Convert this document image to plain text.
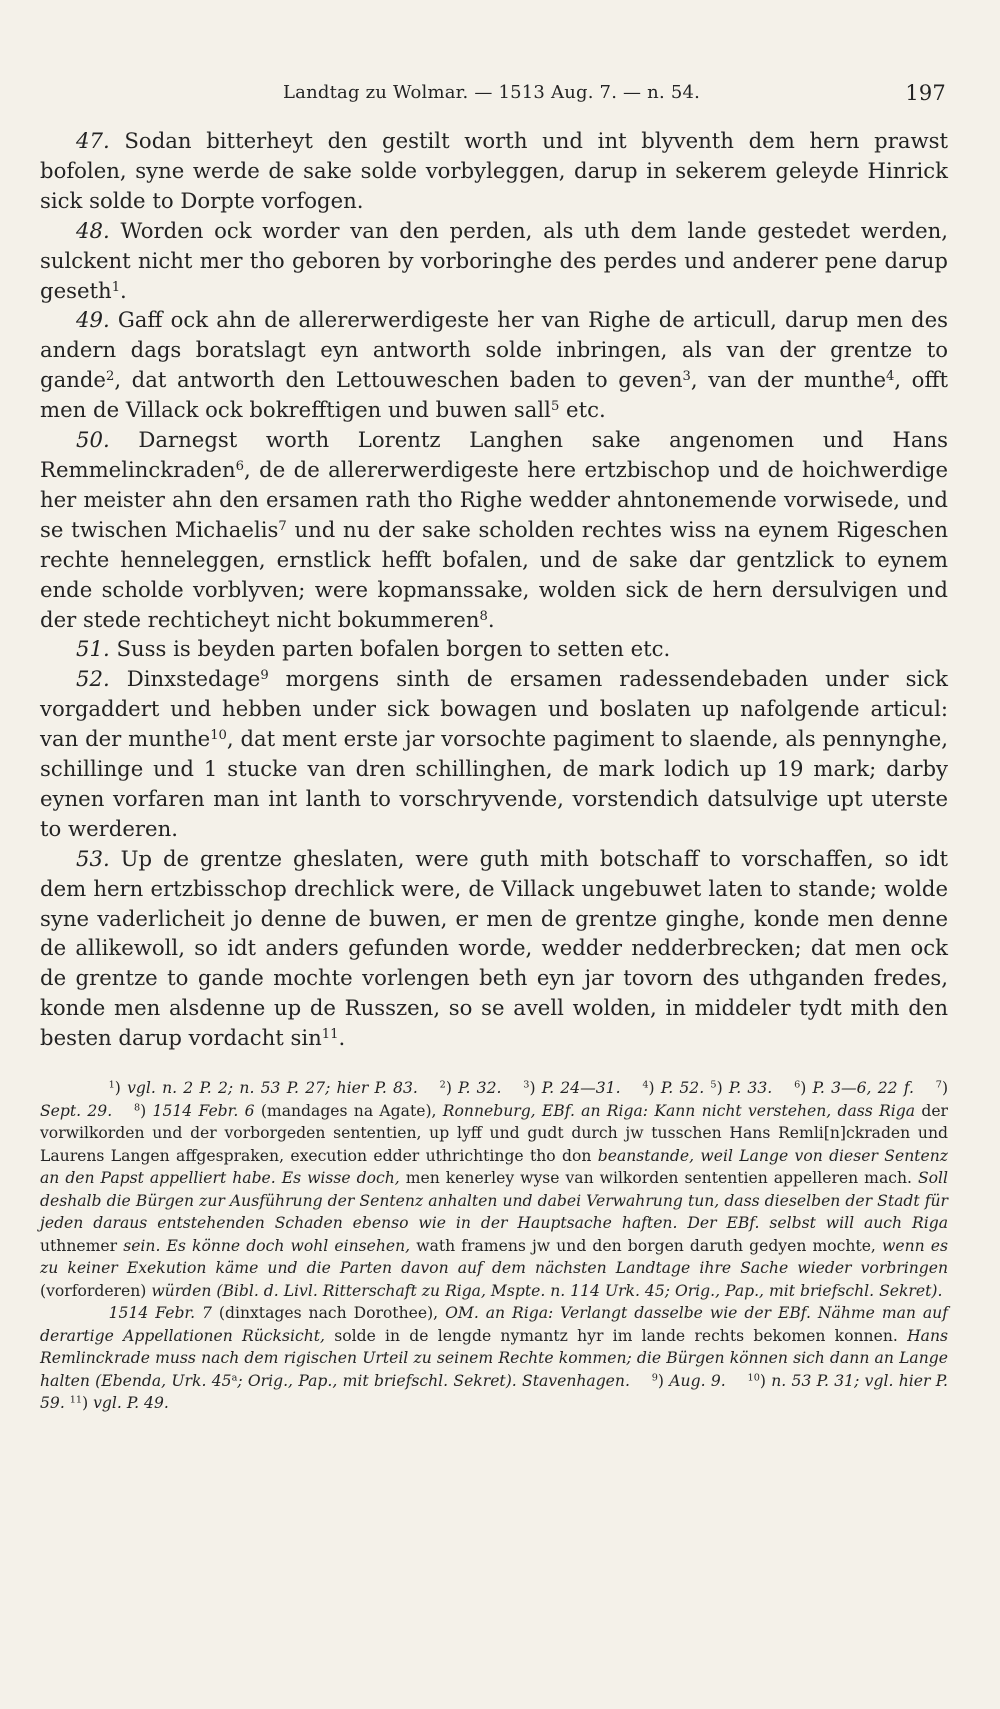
Landtag zu Wolmar. — 1513 Aug. 7. — n. 54.	197

47. Sodan bitterheyt den gestilt worth und int blyventh dem hern prawst bofolen, syne werde de sake solde vorbyleggen, darup in sekerem geleyde Hinrick sick solde to Dorpte vorfogen.

48. Worden ock worder van den perden, als uth dem lande gestedet werden, sulckent nicht mer tho geboren by vorboringhe des perdes und anderer pene darup geseth$^1$.

49. Gaff ock ahn de allererwerdigeste her van Righe de articull, darup men des andern dags boratslagt eyn antworth solde inbringen, als van der grentze to gande$^2$, dat antworth den Lettouweschen baden to geven$^3$, van der munthe$^4$, offt men de Villack ock bokrefftigen und buwen sall$^5$ etc.

50. Darnegst worth Lorentz Langhen sake angenomen und Hans Remmelinckraden$^6$, de de allererwerdigeste here ertzbischop und de hoichwerdige her meister ahn den ersamen rath tho Righe wedder ahntonemende vorwisede, und se twischen Michaelis$^7$ und nu der sake scholden rechtes wiss na eynem Rigeschen rechte henneleggen, ernstlick hefft bofalen, und de sake dar gentzlick to eynem ende scholde vorblyven; were kopmanssake, wolden sick de hern dersulvigen und der stede rechticheyt nicht bokummeren$^8$.

51. Suss is beyden parten bofalen borgen to setten etc.

52. Dinxstedage$^9$ morgens sinth de ersamen radessendebaden under sick vorgaddert und hebben under sick bowagen und boslaten up nafolgende articul: van der munthe$^{10}$, dat ment erste jar vorsochte pagiment to slaende, als pennynghe, schillinge und 1 stucke van dren schillinghen, de mark lodich up 19 mark; darby eynen vorfaren man int lanth to vorschryvende, vorstendich datsulvige upt uterste to werderen.

53. Up de grentze gheslaten, were guth mith botschaff to vorschaffen, so idt dem hern ertzbisschop drechlick were, de Villack ungebuwet laten to stande; wolde syne vaderlicheit jo denne de buwen, er men de grentze ginghe, konde men denne de allikewoll, so idt anders gefunden worde, wedder nedderbrecken; dat men ock de grentze to gande mochte vorlengen beth eyn jar tovorn des uthganden fredes, konde men alsdenne up de Russzen, so se avell wolden, in middeler tydt mith den besten darup vordacht $\sin^{11}$.

$^1$) vgl. n. 2 P. 2; n. 53 P. 27; hier P. 83. $^2$) P. 32. $^3$) P. 24—31. $^4$) P. 52. $^5$) P. 33. $^6$) P. 3—6, 22 f. $^7$) Sept. 29. $^8$) 1514 Febr. 6 (mandages na Agate), Ronneburg, EBf. an Riga: Kann nicht verstehen, dass Riga der vorwilkorden und der vorborgeden sententien, up lyff und gudt durch jw tusschen Hans Remli[n]ckraden und Laurens Langen affgesprakеn, execution edder uthrichtinge tho don beanstande, weil Lange von dieser Sentenz an den Papst appelliert habe. Es wisse doch, men kenerley wyse van wilkorden sententien appelleren mach. Soll deshalb die Bürgen zur Ausführung der Sentenz anhalten und dabei Verwahrung tun, dass dieselben der Stadt für jeden daraus entstehenden Schaden ebenso wie in der Hauptsache haften. Der EBf. selbst will auch Riga uthnemer sein. Es könne doch wohl einsehen, wath framens jw und den borgen daruth gedyen mochte, wenn es zu keiner Exekution käme und die Parten davon auf dem nächsten Landtage ihre Sache wieder vorbringen (vorforderen) würden (Bibl. d. Livl. Ritterschaft zu Riga, Mspte. n. 114 Urk. 45; Orig., Pap., mit briefschl. Sekret).

1514 Febr. 7 (dinxtages nach Dorothee), OM. an Riga: Verlangt dasselbe wie der EBf. Nähme man auf derartige Appellationen Rücksicht, solde in de lengde nymantz hyr im lande rechts bekomen konnen. Hans Remlinckrade muss nach dem rigischen Urteil zu seinem Rechte kommen; die Bürgen können sich dann an Lange halten (Ebenda, Urk. 45$^a$; Orig., Pap., mit briefschl. Sekret). Stavenhagen. $^9$) Aug. 9. $^{10}$) n. 53 P. 31; vgl. hier P. 59. $^{11}$) vgl. P. 49.
